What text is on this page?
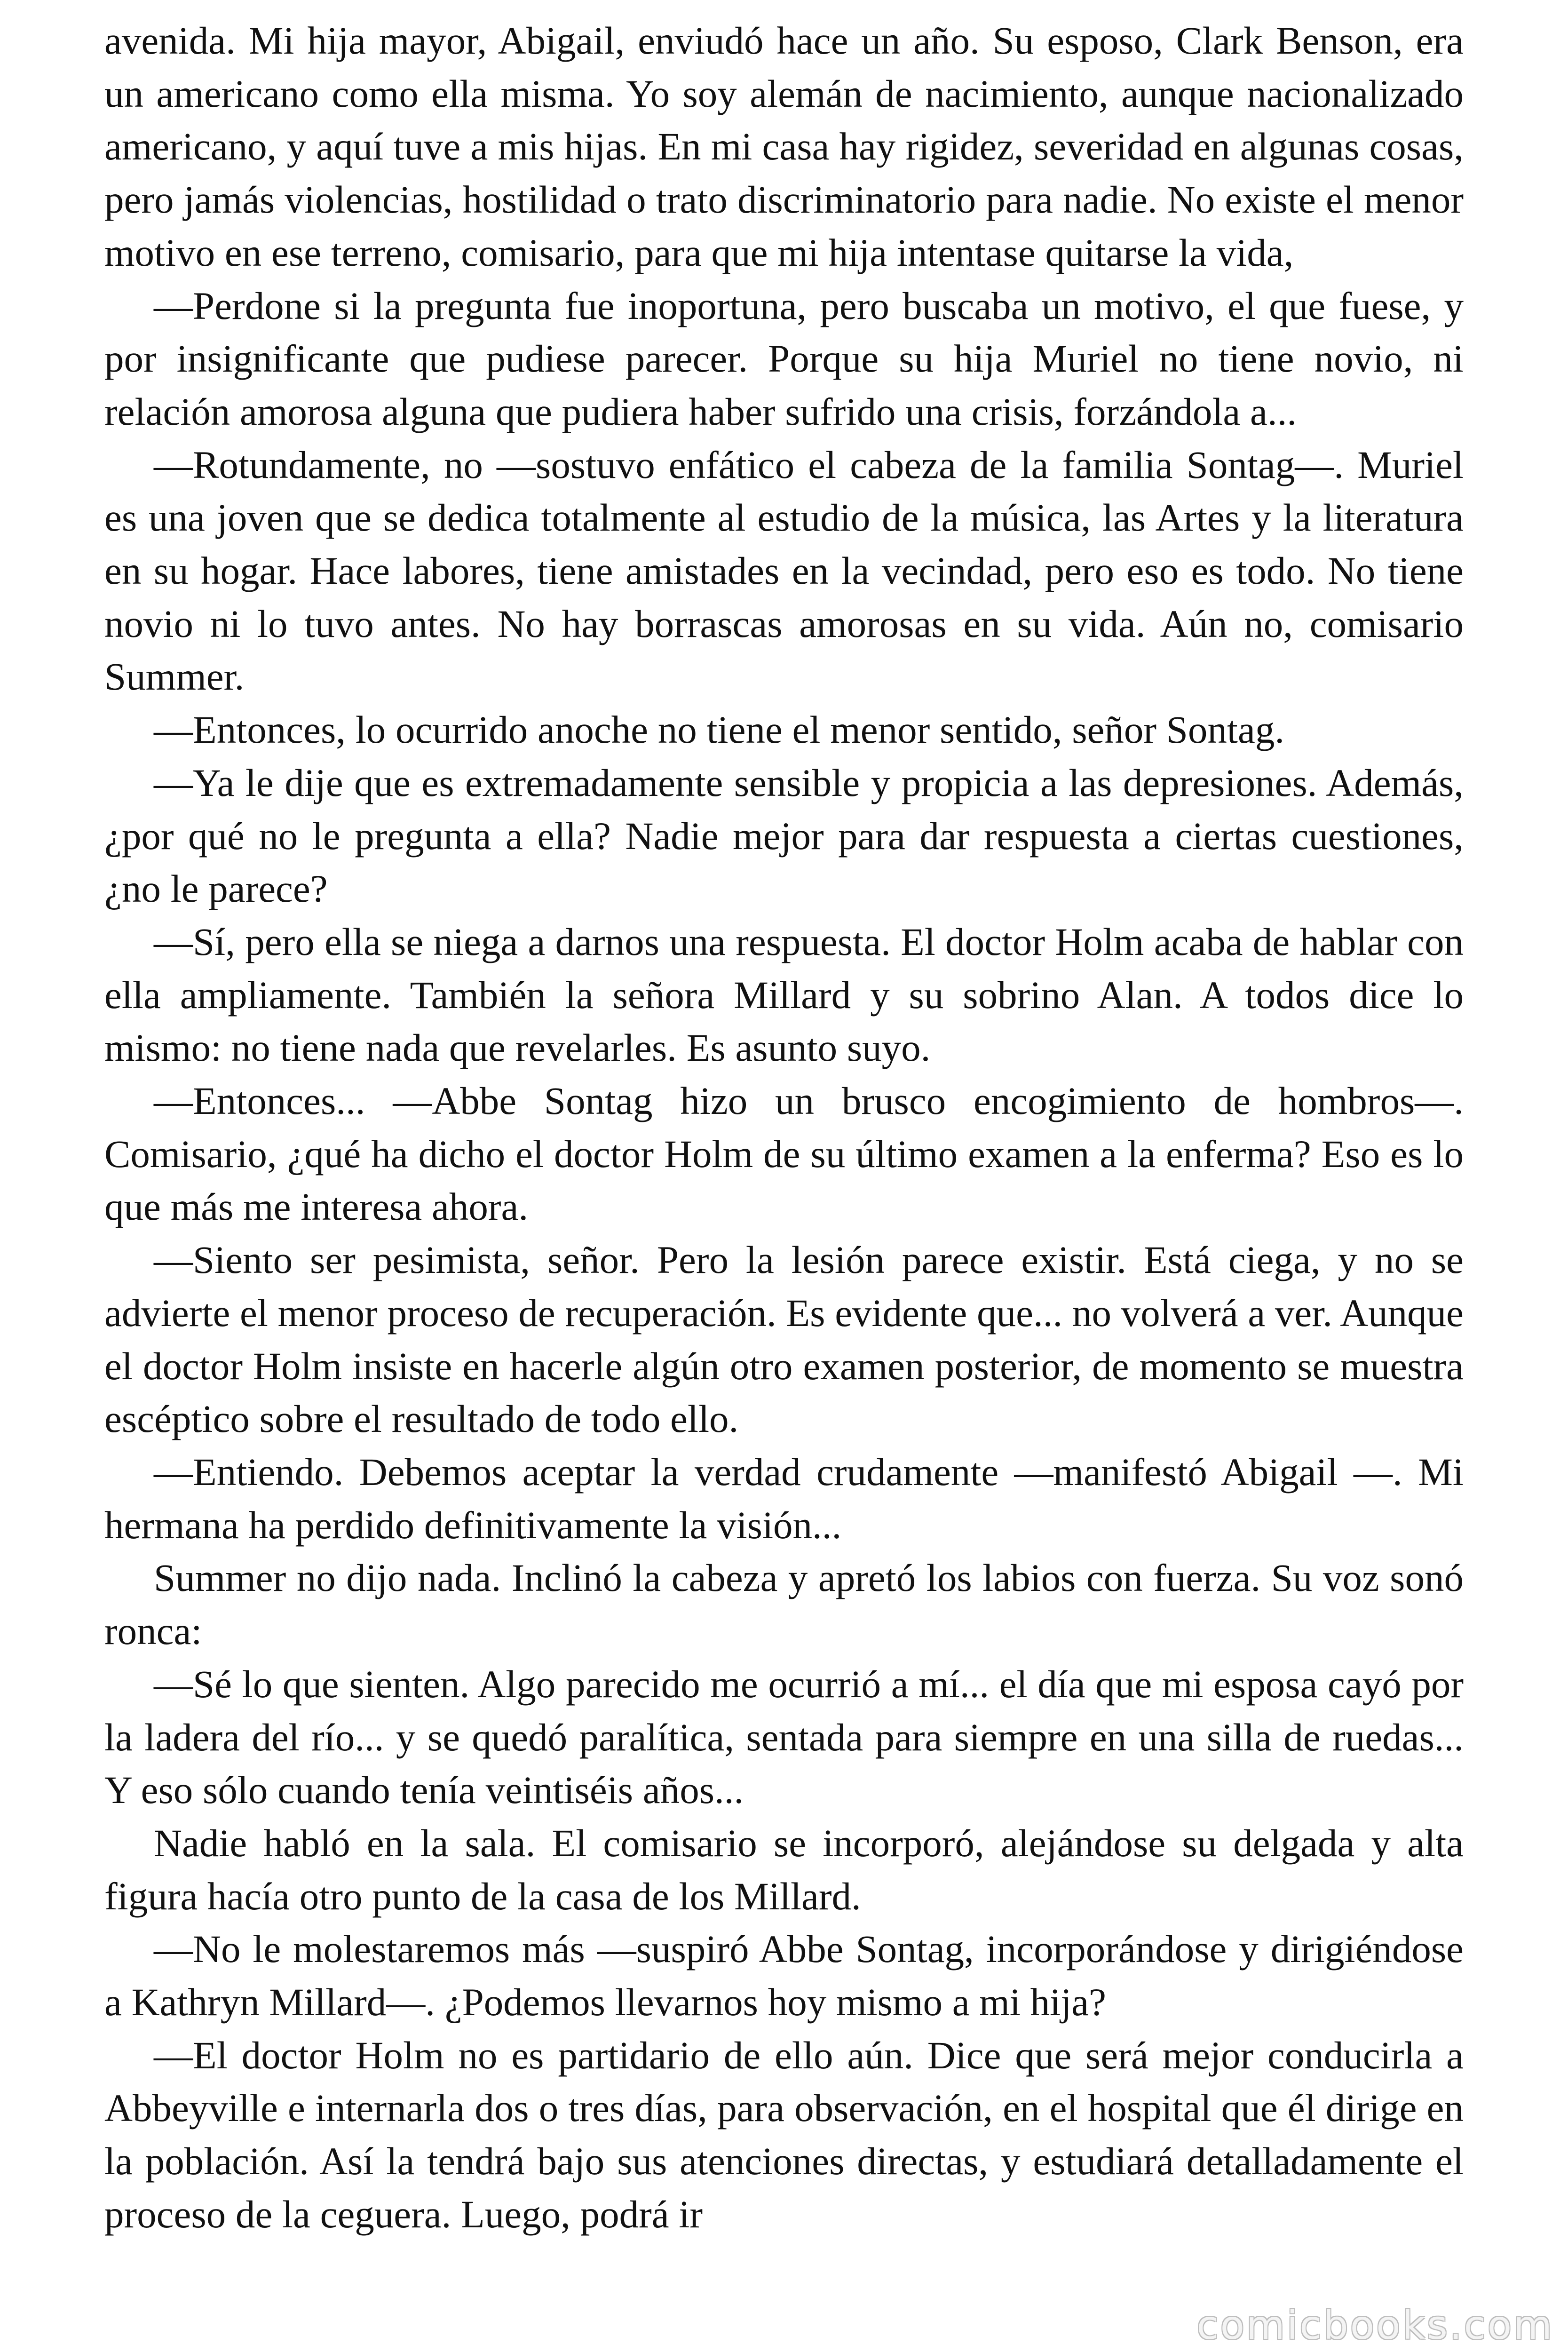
avenida. Mi hija mayor, Abigail, enviudó hace un año. Su esposo, Clark Benson, era un americano como ella misma. Yo soy alemán de nacimiento, aunque nacionalizado americano, y aquí tuve a mis hijas. En mi casa hay rigidez, severidad en algunas cosas, pero jamás violencias, hostilidad o trato discriminatorio para nadie. No existe el menor motivo en ese terreno, comisario, para que mi hija intentase quitarse la vida,

—Perdone si la pregunta fue inoportuna, pero buscaba un motivo, el que fuese, y por insignificante que pudiese parecer. Porque su hija Muriel no tiene novio, ni relación amorosa alguna que pudiera haber sufrido una crisis, forzándola a...

—Rotundamente, no —sostuvo enfático el cabeza de la familia Sontag—. Muriel es una joven que se dedica totalmente al estudio de la música, las Artes y la literatura en su hogar. Hace labores, tiene amistades en la vecindad, pero eso es todo. No tiene novio ni lo tuvo antes. No hay borrascas amorosas en su vida. Aún no, comisario Summer.

—Entonces, lo ocurrido anoche no tiene el menor sentido, señor Sontag.

—Ya le dije que es extremadamente sensible y propicia a las depresiones. Además, ¿por qué no le pregunta a ella? Nadie mejor para dar respuesta a ciertas cuestiones, ¿no le parece?

—Sí, pero ella se niega a darnos una respuesta. El doctor Holm acaba de hablar con ella ampliamente. También la señora Millard y su sobrino Alan. A todos dice lo mismo: no tiene nada que revelarles. Es asunto suyo.

—Entonces... —Abbe Sontag hizo un brusco encogimiento de hombros—. Comisario, ¿qué ha dicho el doctor Holm de su último examen a la enferma? Eso es lo que más me interesa ahora.

—Siento ser pesimista, señor. Pero la lesión parece existir. Está ciega, y no se advierte el menor proceso de recuperación. Es evidente que... no volverá a ver. Aunque el doctor Holm insiste en hacerle algún otro examen posterior, de momento se muestra escéptico sobre el resultado de todo ello.

—Entiendo. Debemos aceptar la verdad crudamente —manifestó Abigail —. Mi hermana ha perdido definitivamente la visión...

Summer no dijo nada. Inclinó la cabeza y apretó los labios con fuerza. Su voz sonó ronca:

—Sé lo que sienten. Algo parecido me ocurrió a mí... el día que mi esposa cayó por la ladera del río... y se quedó paralítica, sentada para siempre en una silla de ruedas... Y eso sólo cuando tenía veintiséis años...

Nadie habló en la sala. El comisario se incorporó, alejándose su delgada y alta figura hacía otro punto de la casa de los Millard.

—No le molestaremos más —suspiró Abbe Sontag, incorporándose y dirigiéndose a Kathryn Millard—. ¿Podemos llevarnos hoy mismo a mi hija?

—El doctor Holm no es partidario de ello aún. Dice que será mejor conducirla a Abbeyville e internarla dos o tres días, para observación, en el hospital que él dirige en la población. Así la tendrá bajo sus atenciones directas, y estudiará detalladamente el proceso de la ceguera. Luego, podrá ir

comicbooks.com
